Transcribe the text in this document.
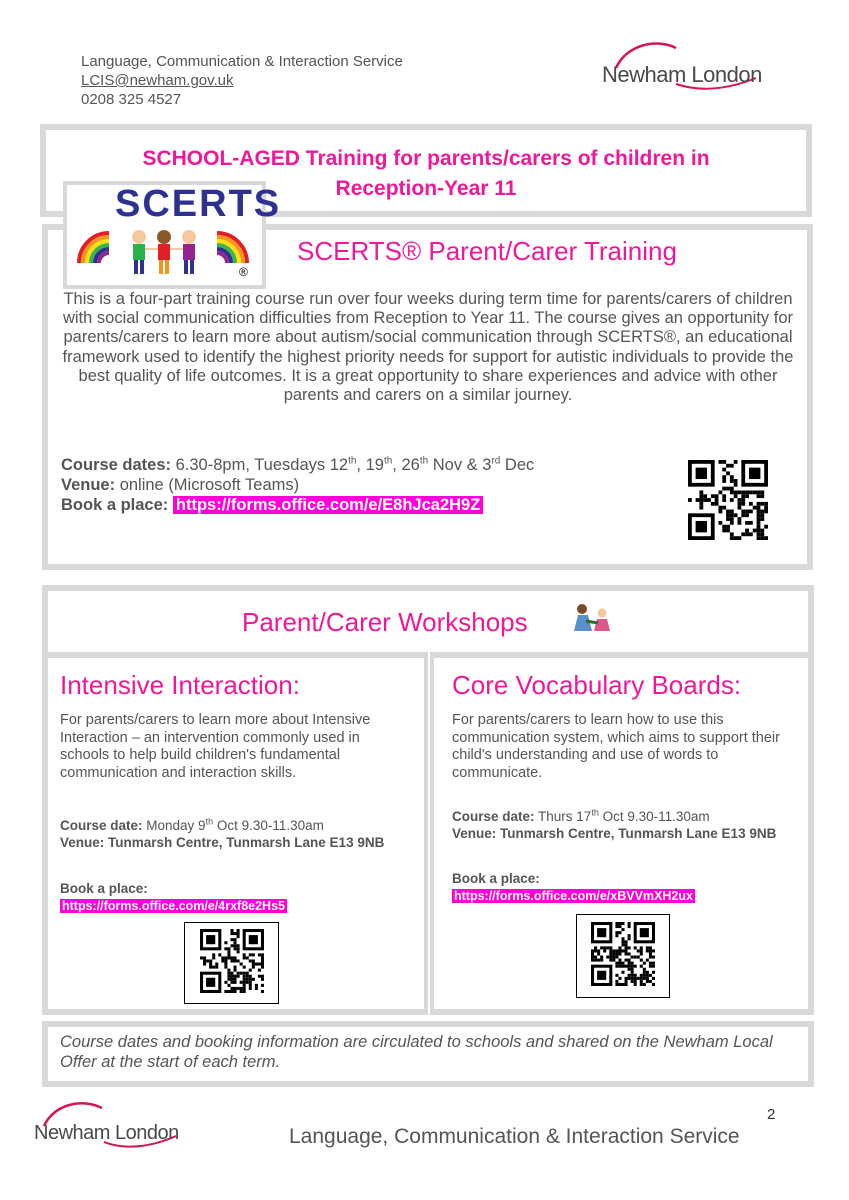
Language, Communication & Interaction Service
LCIS@newham.gov.uk
0208 325 4527
Newham London
SCHOOL-AGED Training for parents/carers of children in
Reception-Year 11
SCERTS
®
SCERTS® Parent/Carer Training
This is a four-part training course run over four weeks during term time for parents/carers of children with social communication difficulties from Reception to Year 11. The course gives an opportunity for parents/carers to learn more about autism/social communication through SCERTS®, an educational framework used to identify the highest priority needs for support for autistic individuals to provide the best quality of life outcomes. It is a great opportunity to share experiences and advice with other parents and carers on a similar journey.
Course dates: 6.30-8pm, Tuesdays 12th, 19th, 26th Nov & 3rd Dec
Venue: online (Microsoft Teams)
Book a place: https://forms.office.com/e/E8hJca2H9Z
Parent/Carer Workshops
Intensive Interaction:
For parents/carers to learn more about Intensive Interaction – an intervention commonly used in schools to help build children's fundamental communication and interaction skills.
Course date: Monday 9th Oct 9.30-11.30am
Venue: Tunmarsh Centre, Tunmarsh Lane E13 9NB
Book a place:
https://forms.office.com/e/4rxf8e2Hs5
Core Vocabulary Boards:
For parents/carers to learn how to use this communication system, which aims to support their child's understanding and use of words to communicate.
Course date: Thurs 17th Oct 9.30-11.30am
Venue: Tunmarsh Centre, Tunmarsh Lane E13 9NB
Book a place:
https://forms.office.com/e/xBVVmXH2ux
Course dates and booking information are circulated to schools and shared on the Newham Local Offer at the start of each term.
2
Newham London	Language, Communication & Interaction Service
